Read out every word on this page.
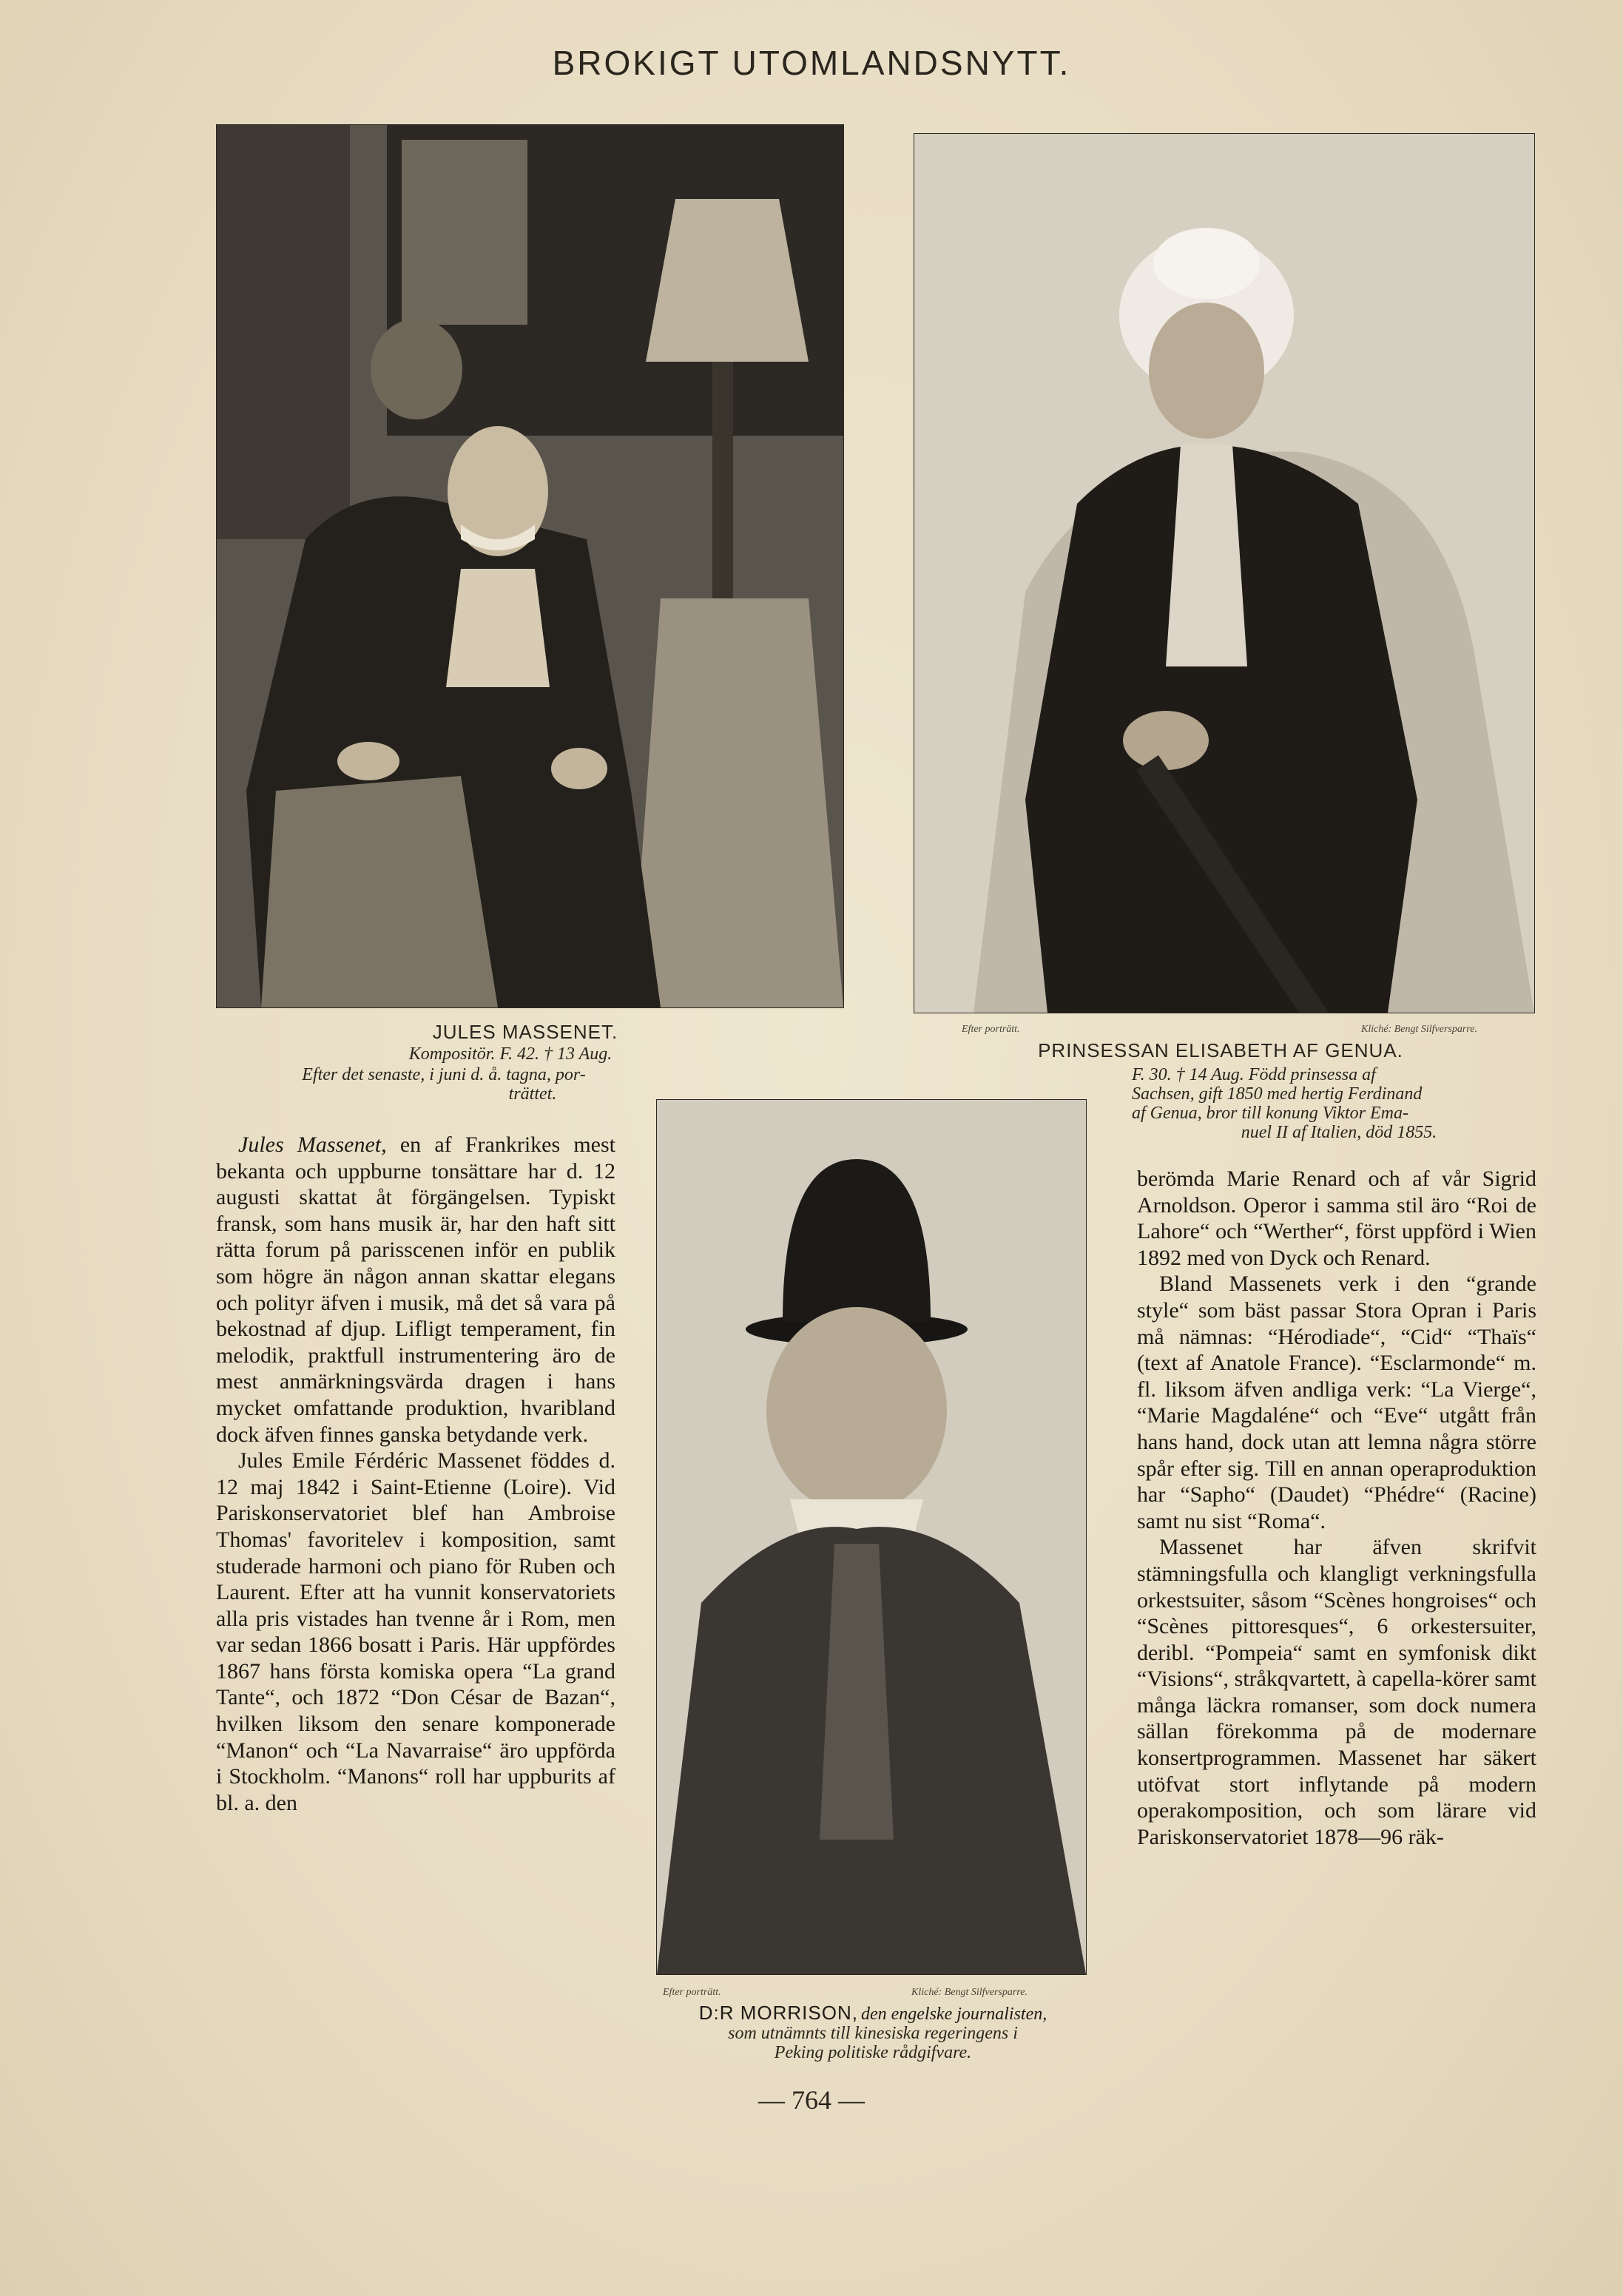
BROKIGT UTOMLANDSNYTT.
JULES MASSENET.
Kompositör. F. 42. † 13 Aug.
Efter det senaste, i juni d. å. tagna, por-
trättet.
Efter porträtt.	Kliché: Bengt Silfversparre.
PRINSESSAN ELISABETH AF GENUA.
F. 30. † 14 Aug. Född prinsessa af
Sachsen, gift 1850 med hertig Ferdinand
af Genua, bror till konung Viktor Ema-
nuel II af Italien, död 1855.
Efter porträtt.	Kliché: Bengt Silfversparre.
D:R MORRISON, den engelske journalisten,
som utnämnts till kinesiska regeringens i
Peking politiske rådgifvare.

Jules Massenet, en af Frankrikes mest bekanta och uppburne tonsättare har d. 12 augusti skattat åt förgängelsen. Typiskt fransk, som hans musik är, har den haft sitt rätta forum på parisscenen inför en publik som högre än någon annan skattar elegans och polityr äfven i musik, må det så vara på bekostnad af djup. Lifligt temperament, fin melodik, praktfull instrumentering äro de mest anmärkningsvärda dragen i hans mycket omfattande produktion, hvaribland dock äfven finnes ganska betydande verk.

Jules Emile Férdéric Massenet föddes d. 12 maj 1842 i Saint-Etienne (Loire). Vid Pariskonservatoriet blef han Ambroise Thomas' favoritelev i komposition, samt studerade harmoni och piano för Ruben och Laurent. Efter att ha vunnit konservatoriets alla pris vistades han tvenne år i Rom, men var sedan 1866 bosatt i Paris. Här uppfördes 1867 hans första komiska opera “La grand Tante“, och 1872 “Don César de Bazan“, hvilken liksom den senare komponerade “Manon“ och “La Navarraise“ äro uppförda i Stockholm. “Manons“ roll har uppburits af bl. a. den

berömda Marie Renard och af vår Sigrid Arnoldson. Operor i samma stil äro “Roi de Lahore“ och “Werther“, först uppförd i Wien 1892 med von Dyck och Renard.

Bland Massenets verk i den “grande style“ som bäst passar Stora Opran i Paris må nämnas: “Hérodiade“, “Cid“ “Thaïs“ (text af Anatole France). “Esclarmonde“ m. fl. liksom äfven andliga verk: “La Vierge“, “Marie Magdaléne“ och “Eve“ utgått från hans hand, dock utan att lemna några större spår efter sig. Till en annan operaproduktion har “Sapho“ (Daudet) “Phédre“ (Racine) samt nu sist “Roma“.

Massenet har äfven skrifvit stämningsfulla och klangligt verkningsfulla orkestsuiter, såsom “Scènes hongroises“ och “Scènes pittoresques“, 6 orkestersuiter, deribl. “Pompeia“ samt en symfonisk dikt “Visions“, stråkqvartett, à capella-körer samt många läckra romanser, som dock numera sällan förekomma på de modernare konsertprogrammen. Massenet har säkert utöfvat stort inflytande på modern operakomposition, och som lärare vid Pariskonservatoriet 1878—96 räk-

— 764 —
